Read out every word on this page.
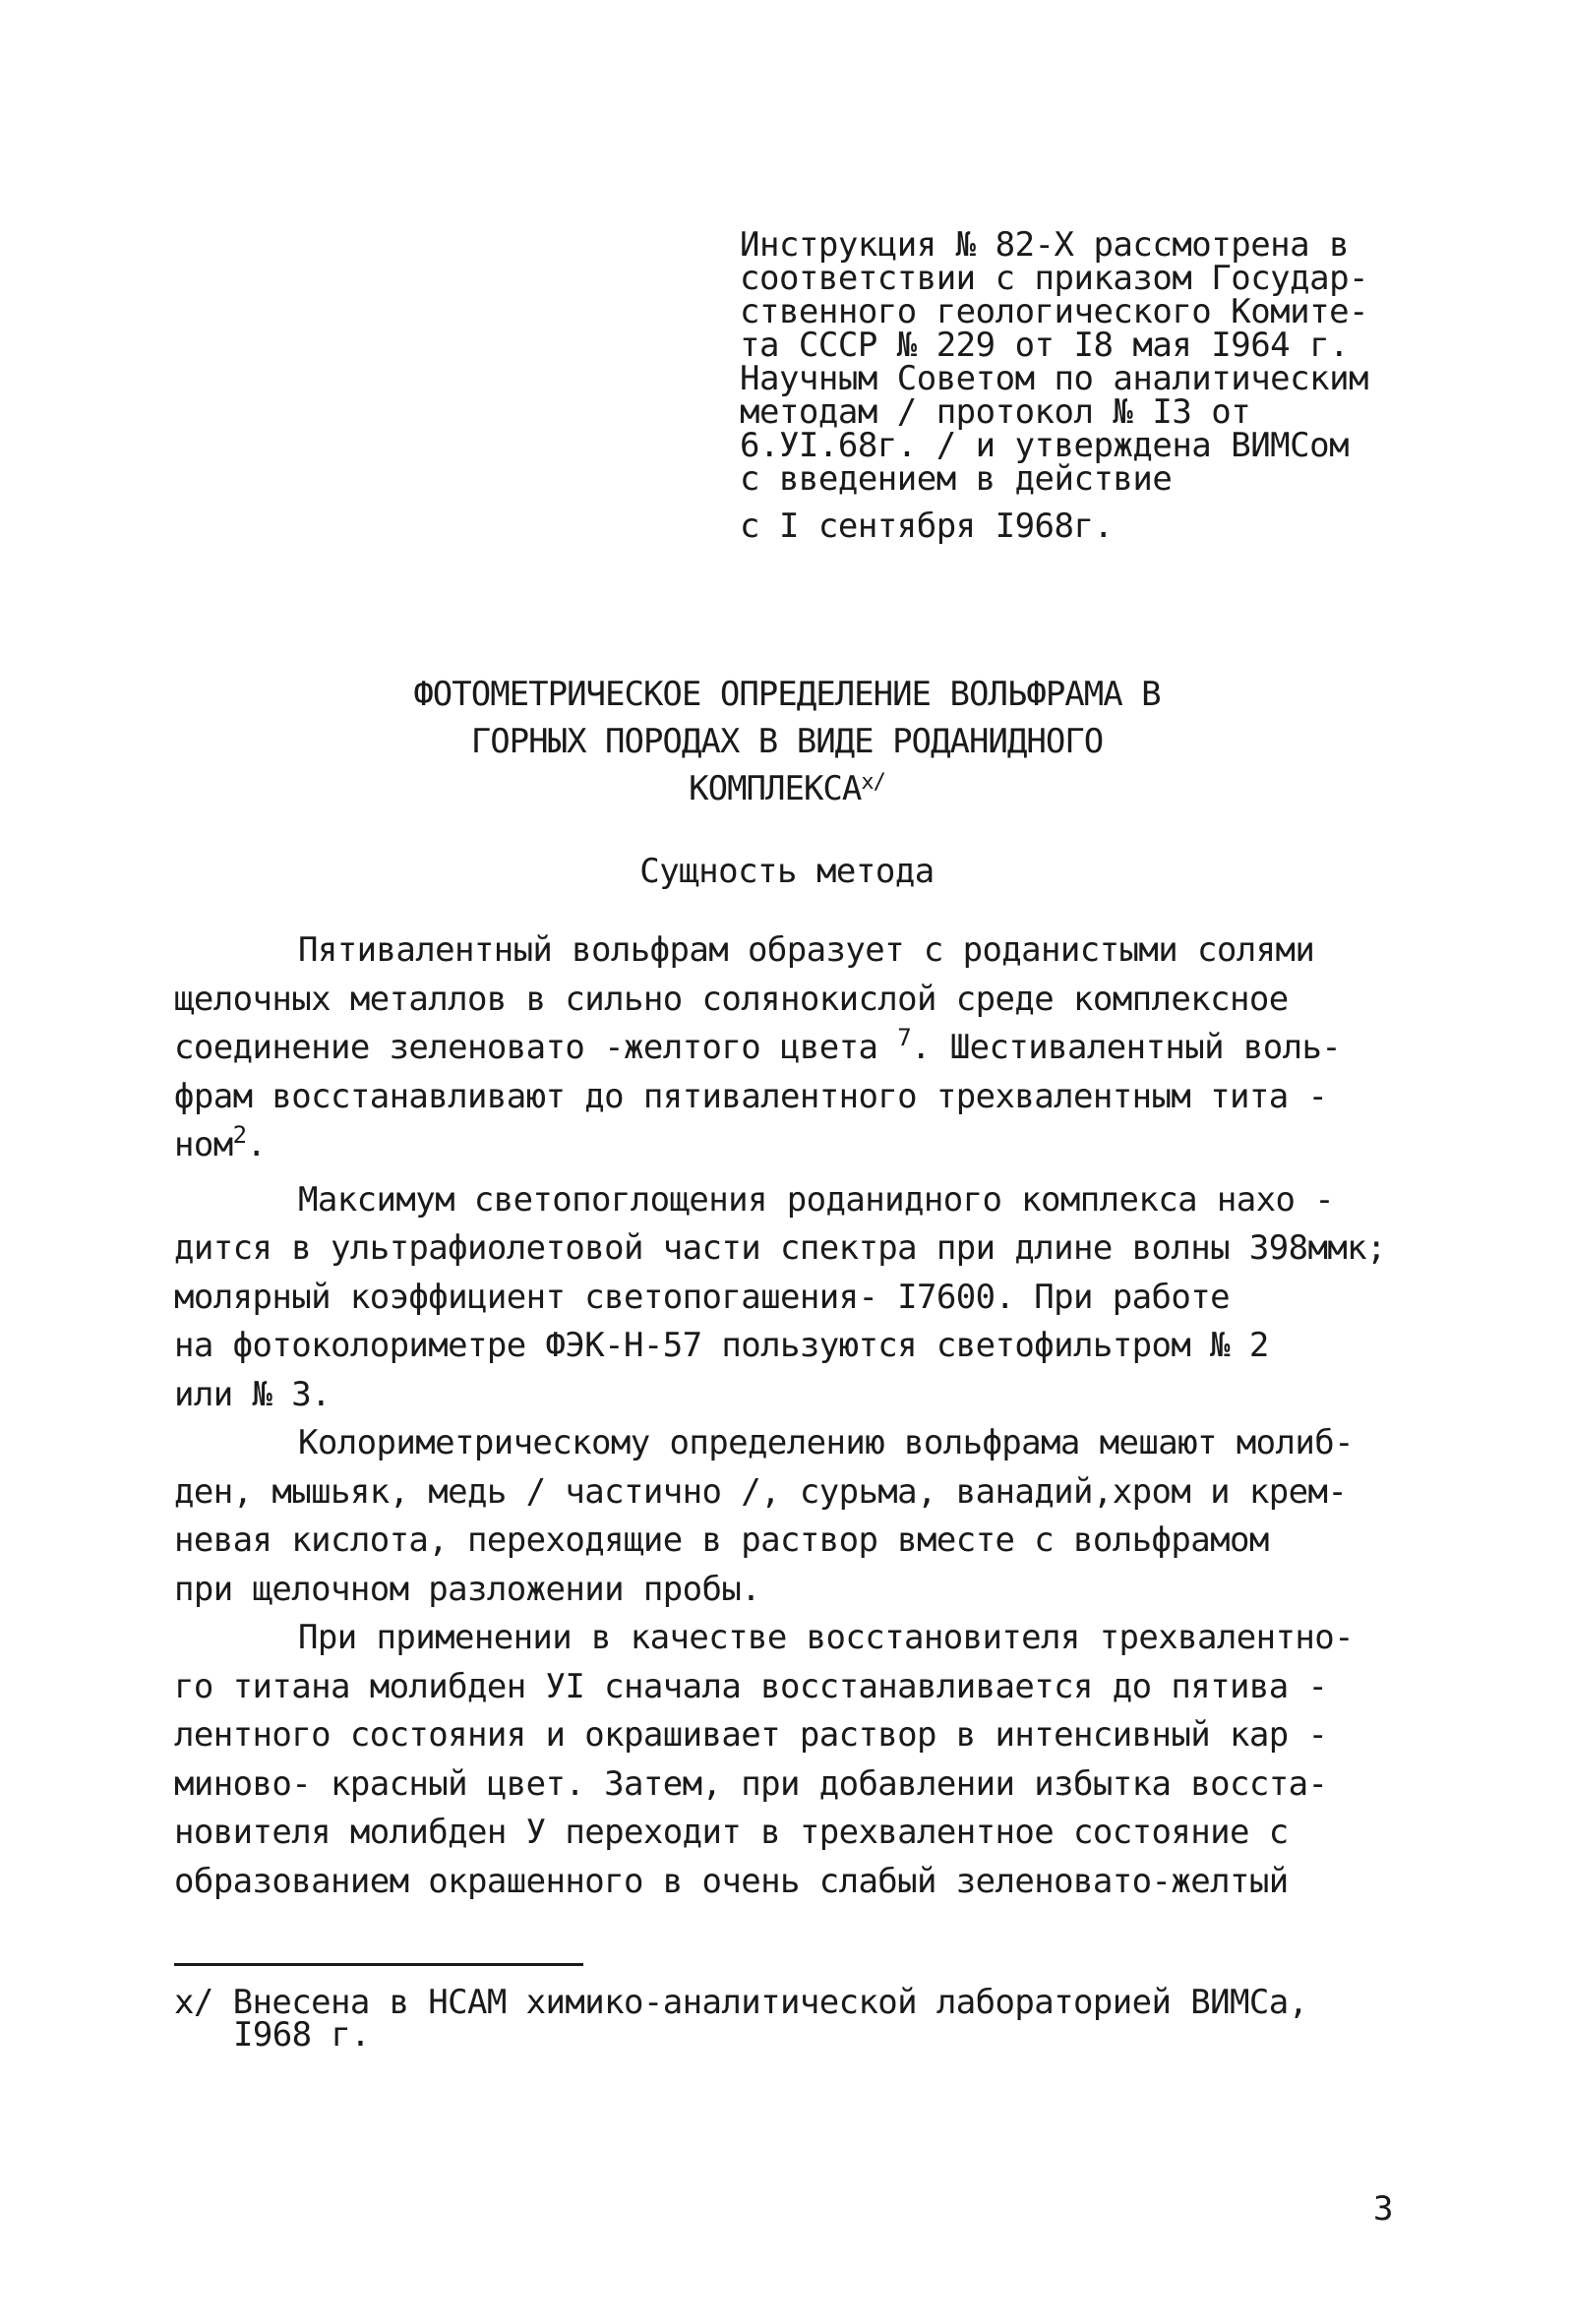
Инструкция № 82-Х рассмотрена в
соответствии с приказом Государ-
ственного геологического Комите-
та СССР № 229 от I8 мая I964 г.
Научным Советом по аналитическим
методам / протокол № I3 от
6.УI.68г. / и утверждена ВИМСом
с введением в действие
с I сентября I968г.
ФОТОМЕТРИЧЕСКОЕ ОПРЕДЕЛЕНИЕ ВОЛЬФРАМА В
ГОРНЫХ ПОРОДАХ В ВИДЕ РОДАНИДНОГО
$КОМПЛЕКСА^{х/}$
Сущность метода
Пятивалентный вольфрам образует с роданистыми солями
щелочных металлов в сильно солянокислой среде комплексное
соединение зеленовато -желтого цвета $^7$. Шестивалентный воль-
фрам восстанавливают до пятивалентного трехвалентным тита -
ном$^2$.
Максимум светопоглощения роданидного комплекса нахо -
дится в ультрафиолетовой части спектра при длине волны 398ммк;
молярный коэффициент светопогашения- I7600. При работе
на фотоколориметре ФЭК-Н-57 пользуются светофильтром № 2
или № 3.
Колориметрическому определению вольфрама мешают молиб-
ден, мышьяк, медь / частично /, сурьма, ванадий,хром и крем-
невая кислота, переходящие в раствор вместе с вольфрамом
при щелочном разложении пробы.
При применении в качестве восстановителя трехвалентно-
го титана молибден УI сначала восстанавливается до пятива -
лентного состояния и окрашивает раствор в интенсивный кар -
миново- красный цвет. Затем, при добавлении избытка восста-
новителя молибден У переходит в трехвалентное состояние с
образованием окрашенного в очень слабый зеленовато-желтый
х/ Внесена в НСАМ химико-аналитической лабораторией ВИМСа,
I968 г.
3
